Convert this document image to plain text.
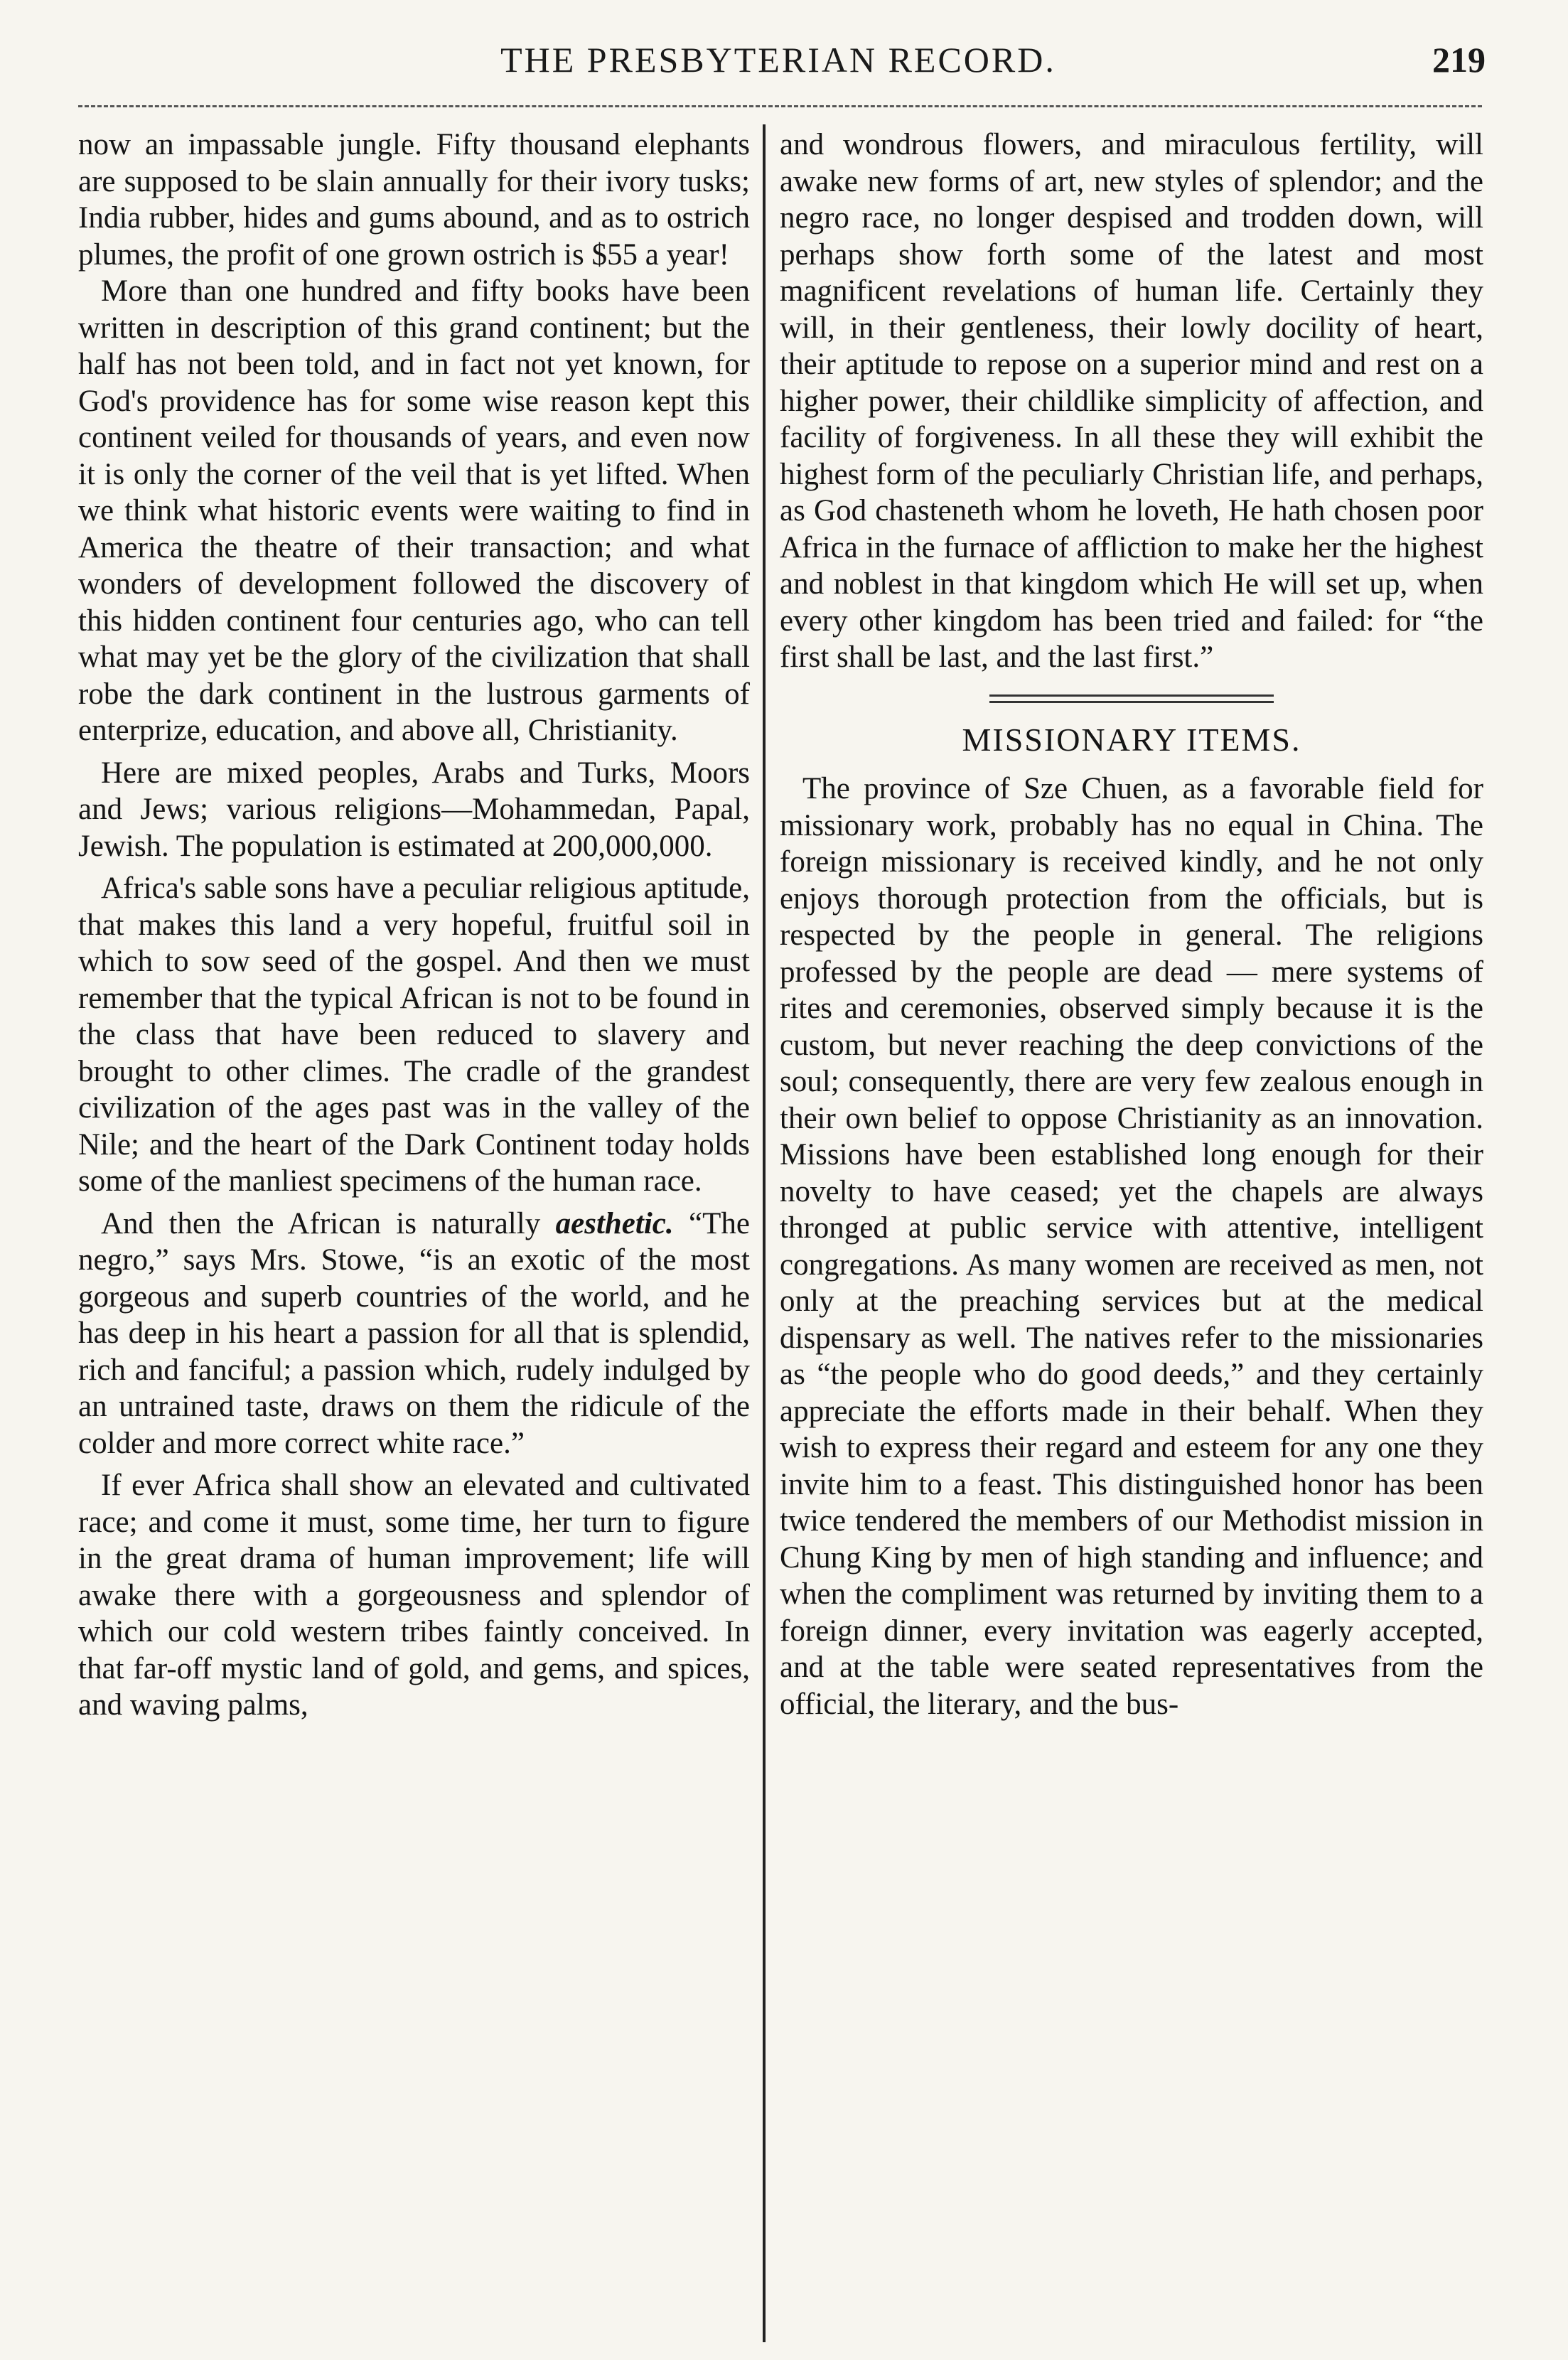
THE PRESBYTERIAN RECORD.	219

now an impassable jungle. Fifty thousand elephants are supposed to be slain annually for their ivory tusks; India rubber, hides and gums abound, and as to ostrich plumes, the profit of one grown ostrich is $55 a year!

More than one hundred and fifty books have been written in description of this grand continent; but the half has not been told, and in fact not yet known, for God's providence has for some wise reason kept this continent veiled for thousands of years, and even now it is only the corner of the veil that is yet lifted. When we think what historic events were waiting to find in America the theatre of their transaction; and what wonders of development followed the discovery of this hidden continent four centuries ago, who can tell what may yet be the glory of the civilization that shall robe the dark continent in the lustrous garments of enterprize, education, and above all, Christianity.

Here are mixed peoples, Arabs and Turks, Moors and Jews; various religions—Mohammedan, Papal, Jewish. The population is estimated at 200,000,000.

Africa's sable sons have a peculiar religious aptitude, that makes this land a very hopeful, fruitful soil in which to sow seed of the gospel. And then we must remember that the typical African is not to be found in the class that have been reduced to slavery and brought to other climes. The cradle of the grandest civilization of the ages past was in the valley of the Nile; and the heart of the Dark Continent today holds some of the manliest specimens of the human race.

And then the African is naturally aesthetic. “The negro,” says Mrs. Stowe, “is an exotic of the most gorgeous and superb countries of the world, and he has deep in his heart a passion for all that is splendid, rich and fanciful; a passion which, rudely indulged by an untrained taste, draws on them the ridicule of the colder and more correct white race.”

If ever Africa shall show an elevated and cultivated race; and come it must, some time, her turn to figure in the great drama of human improvement; life will awake there with a gorgeousness and splendor of which our cold western tribes faintly conceived. In that far-off mystic land of gold, and gems, and spices, and waving palms,

and wondrous flowers, and miraculous fertility, will awake new forms of art, new styles of splendor; and the negro race, no longer despised and trodden down, will perhaps show forth some of the latest and most magnificent revelations of human life. Certainly they will, in their gentleness, their lowly docility of heart, their aptitude to repose on a superior mind and rest on a higher power, their childlike simplicity of affection, and facility of forgiveness. In all these they will exhibit the highest form of the peculiarly Christian life, and perhaps, as God chasteneth whom he loveth, He hath chosen poor Africa in the furnace of affliction to make her the highest and noblest in that kingdom which He will set up, when every other kingdom has been tried and failed: for “the first shall be last, and the last first.”

MISSIONARY ITEMS.

The province of Sze Chuen, as a favorable field for missionary work, probably has no equal in China. The foreign missionary is received kindly, and he not only enjoys thorough protection from the officials, but is respected by the people in general. The religions professed by the people are dead — mere systems of rites and ceremonies, observed simply because it is the custom, but never reaching the deep convictions of the soul; consequently, there are very few zealous enough in their own belief to oppose Christianity as an innovation. Missions have been established long enough for their novelty to have ceased; yet the chapels are always thronged at public service with attentive, intelligent congregations. As many women are received as men, not only at the preaching services but at the medical dispensary as well. The natives refer to the missionaries as “the people who do good deeds,” and they certainly appreciate the efforts made in their behalf. When they wish to express their regard and esteem for any one they invite him to a feast. This distinguished honor has been twice tendered the members of our Methodist mission in Chung King by men of high standing and influence; and when the compliment was returned by inviting them to a foreign dinner, every invitation was eagerly accepted, and at the table were seated representatives from the official, the literary, and the bus-
